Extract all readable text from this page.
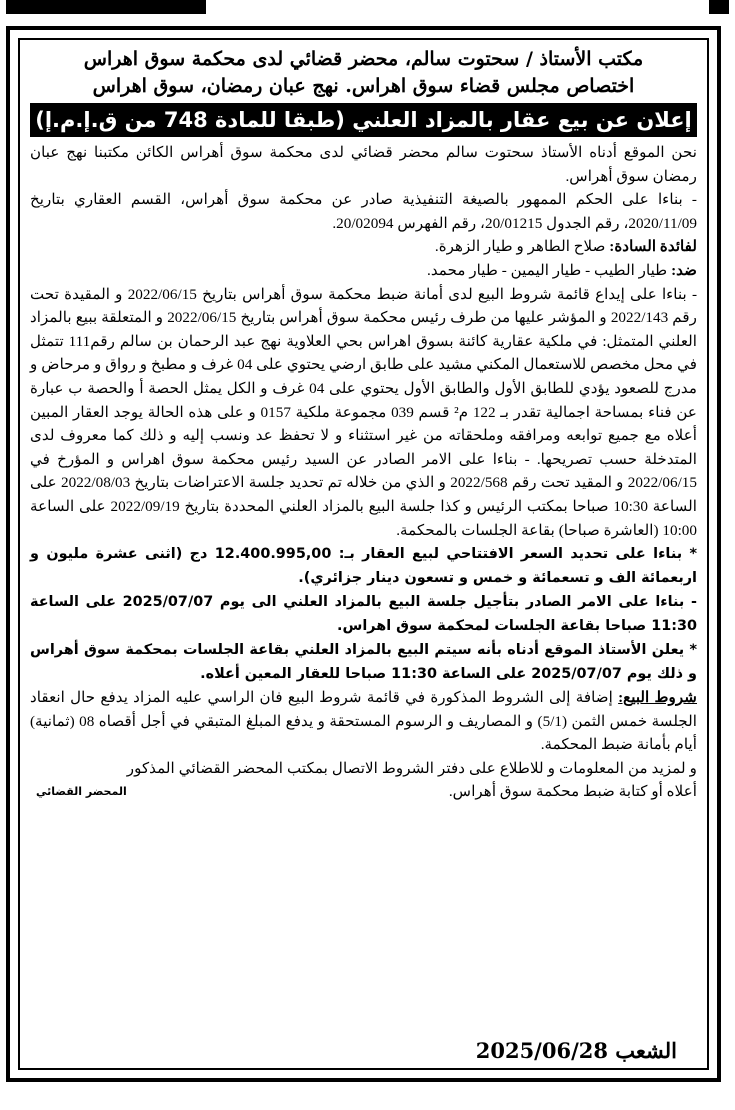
مكتب الأستاذ / سحتوت سالم، محضر قضائي لدى محكمة سوق اهراس
اختصاص مجلس قضاء سوق اهراس. نهج عبان رمضان، سوق اهراس
إعلان عن بيع عقار بالمزاد العلني (طبقا للمادة 748 من ق.إ.م.إ)

نحن الموقع أدناه الأستاذ سحتوت سالم محضر قضائي لدى محكمة سوق أهراس الكائن مكتبنا نهج عبان رمضان سوق أهراس.

- بناءا على الحكم الممهور بالصيغة التنفيذية صادر عن محكمة سوق أهراس، القسم العقاري بتاريخ 2020/11/09، رقم الجدول 20/01215، رقم الفهرس 20/02094.

لفائدة السادة: صلاح الطاهر و طيار الزهرة.

ضد: طيار الطيب - طيار اليمين - طيار محمد.

- بناءا على إيداع قائمة شروط البيع لدى أمانة ضبط محكمة سوق أهراس بتاريخ 2022/06/15 و المقيدة تحت رقم 2022/143 و المؤشر عليها من طرف رئيس محكمة سوق أهراس بتاريخ 2022/06/15 و المتعلقة ببيع بالمزاد العلني المتمثل: في ملكية عقارية كائنة بسوق اهراس بحي العلاوية نهج عبد الرحمان بن سالم رقم111 تتمثل في محل مخصص للاستعمال المكني مشيد على طابق ارضي يحتوي على 04 غرف و مطبخ و رواق و مرحاض و مدرج للصعود يؤدي للطابق الأول والطابق الأول يحتوي على 04 غرف و الكل يمثل الحصة أ والحصة ب عبارة عن فناء بمساحة اجمالية تقدر بـ 122 م² قسم 039 مجموعة ملكية 0157 و على هذه الحالة يوجد العقار المبين أعلاه مع جميع توابعه ومرافقه وملحقاته من غير استثناء و لا تحفظ عد ونسب إليه و ذلك كما معروف لدى المتدخلة حسب تصريحها. - بناءا على الامر الصادر عن السيد رئيس محكمة سوق اهراس و المؤرخ في 2022/06/15 و المقيد تحت رقم 2022/568 و الذي من خلاله تم تحديد جلسة الاعتراضات بتاريخ 2022/08/03 على الساعة 10:30 صباحا بمكتب الرئيس و كذا جلسة البيع بالمزاد العلني المحددة بتاريخ 2022/09/19 على الساعة 10:00 (العاشرة صباحا) بقاعة الجلسات بالمحكمة.

* بناءا على تحديد السعر الافتتاحي لبيع العقار بـ: 12.400.995,00 دج (اثنى عشرة مليون و اربعمائة الف و تسعمائة و خمس و تسعون دينار جزائري).

- بناءا على الامر الصادر بتأجيل جلسة البيع بالمزاد العلني الى يوم 2025/07/07 على الساعة 11:30 صباحا بقاعة الجلسات لمحكمة سوق اهراس.

* يعلن الأستاذ الموقع أدناه بأنه سيتم البيع بالمزاد العلني بقاعة الجلسات بمحكمة سوق أهراس و ذلك يوم 2025/07/07 على الساعة 11:30 صباحا للعقار المعين أعلاه.

شروط البيع: إضافة إلى الشروط المذكورة في قائمة شروط البيع فان الراسي عليه المزاد يدفع حال انعقاد الجلسة خمس الثمن (5/1) و المصاريف و الرسوم المستحقة و يدفع المبلغ المتبقي في أجل أقصاه 08 (ثمانية) أيام بأمانة ضبط المحكمة.

و لمزيد من المعلومات و للاطلاع على دفتر الشروط الاتصال بمكتب المحضر القضائي المذكور أعلاه أو كتابة ضبط محكمة سوق أهراس.

المحضر القضائي
الشعب 2025/06/28
